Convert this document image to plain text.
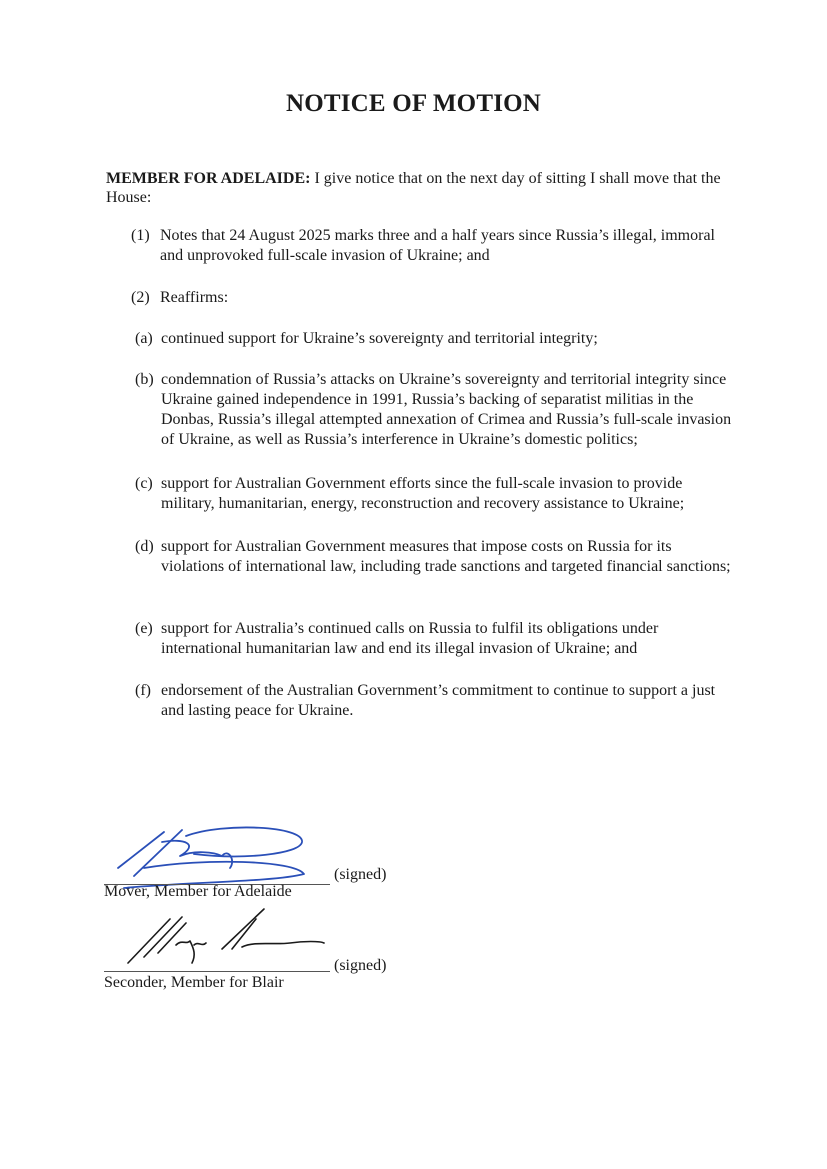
NOTICE OF MOTION
MEMBER FOR ADELAIDE: I give notice that on the next day of sitting I shall move that the House:
(1) Notes that 24 August 2025 marks three and a half years since Russia’s illegal, immoral and unprovoked full-scale invasion of Ukraine; and
(2) Reaffirms:
(a) continued support for Ukraine’s sovereignty and territorial integrity;
(b) condemnation of Russia’s attacks on Ukraine’s sovereignty and territorial integrity since Ukraine gained independence in 1991, Russia’s backing of separatist militias in the Donbas, Russia’s illegal attempted annexation of Crimea and Russia’s full-scale invasion of Ukraine, as well as Russia’s interference in Ukraine’s domestic politics;
(c) support for Australian Government efforts since the full-scale invasion to provide military, humanitarian, energy, reconstruction and recovery assistance to Ukraine;
(d) support for Australian Government measures that impose costs on Russia for its violations of international law, including trade sanctions and targeted financial sanctions;
(e) support for Australia’s continued calls on Russia to fulfil its obligations under international humanitarian law and end its illegal invasion of Ukraine; and
(f) endorsement of the Australian Government’s commitment to continue to support a just and lasting peace for Ukraine.
(signed)
Mover, Member for Adelaide
(signed)
Seconder, Member for Blair
